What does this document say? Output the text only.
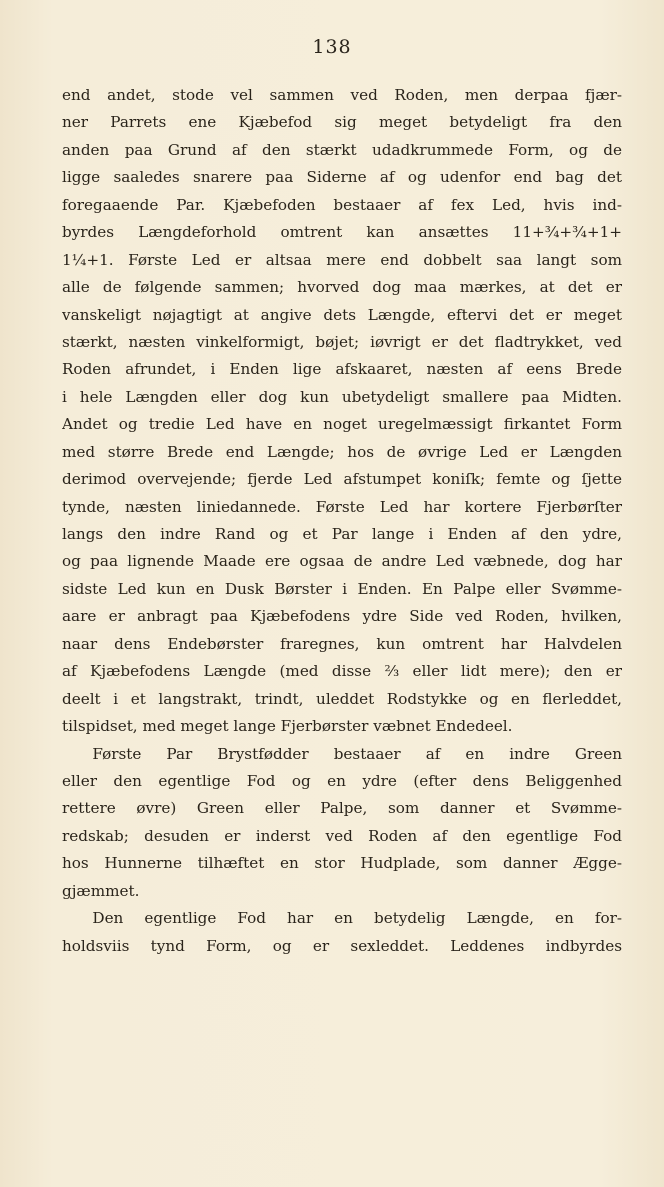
138
end andet, stode vel sammen ved Roden, men derpaa fjær-
ner Parrets ene Kjæbefod sig meget betydeligt fra den
anden paa Grund af den stærkt udadkrummede Form, og de
ligge saaledes snarere paa Siderne af og udenfor end bag det
foregaaende Par. Kjæbefoden bestaaer af fex Led, hvis ind-
byrdes Længdeforhold omtrent kan ansættes 11+¾+¾+1+
1¼+1. Første Led er altsaa mere end dobbelt saa langt som
alle de følgende sammen; hvorved dog maa mærkes, at det er
vanskeligt nøjagtigt at angive dets Længde, eftervi det er meget
stærkt, næsten vinkelformigt, bøjet; iøvrigt er det fladtrykket, ved
Roden afrundet, i Enden lige afskaaret, næsten af eens Brede
i hele Længden eller dog kun ubetydeligt smallere paa Midten.
Andet og tredie Led have en noget uregelmæssigt firkantet Form
med større Brede end Længde; hos de øvrige Led er Længden
derimod overvejende; fjerde Led afstumpet koniſk; femte og ſjette
tynde, næsten liniedannede. Første Led har kortere Fjerbørſter
langs den indre Rand og et Par lange i Enden af den ydre,
og paa lignende Maade ere ogsaa de andre Led væbnede, dog har
sidste Led kun en Dusk Børster i Enden. En Palpe eller Svømme-
aare er anbragt paa Kjæbefodens ydre Side ved Roden, hvilken,
naar dens Endebørster fraregnes, kun omtrent har Halvdelen
af Kjæbefodens Længde (med disse ⅔ eller lidt mere); den er
deelt i et langstrakt, trindt, uleddet Rodstykke og en flerleddet,
tilspidset, med meget lange Fjerbørster væbnet Endedeel.
Første Par Brystfødder bestaaer af en indre Green
eller den egentlige Fod og en ydre (efter dens Beliggenhed
rettere øvre) Green eller Palpe, som danner et Svømme-
redskab; desuden er inderst ved Roden af den egentlige Fod
hos Hunnerne tilhæftet en stor Hudplade, som danner Ægge-
gjæmmet.
Den egentlige Fod har en betydelig Længde, en for-
holdsviis tynd Form, og er sexleddet. Leddenes indbyrdes
